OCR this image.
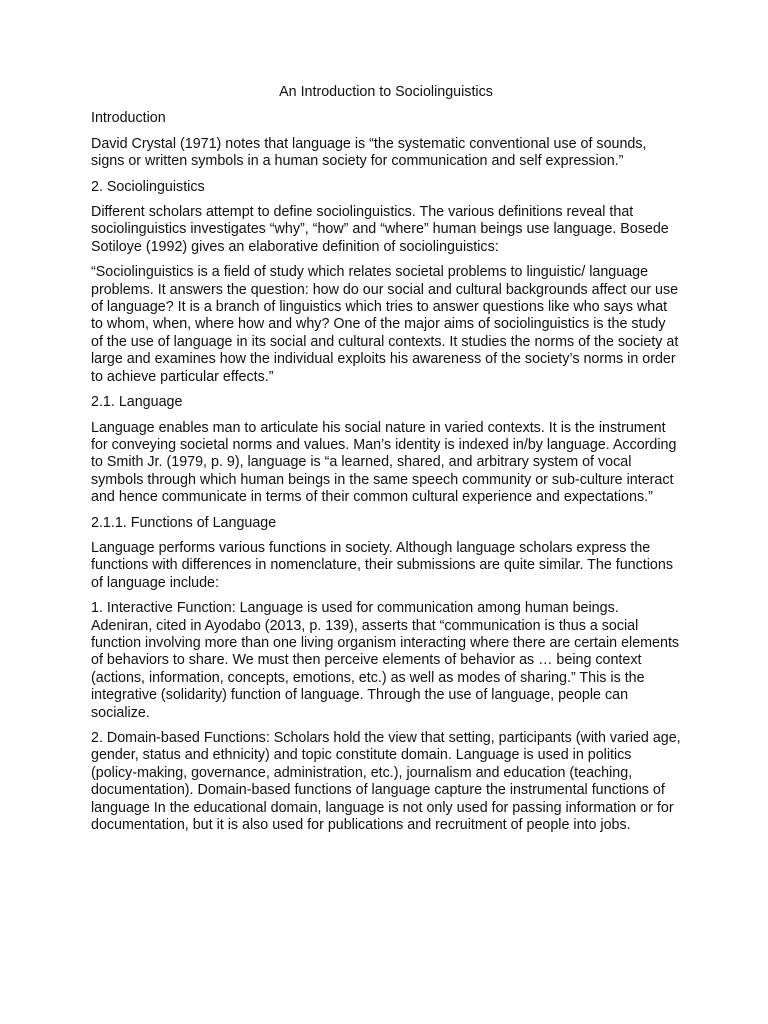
An Introduction to Sociolinguistics
Introduction
David Crystal (1971) notes that language is “the systematic conventional use of sounds, signs or written symbols in a human society for communication and self expression.”
2. Sociolinguistics
Different scholars attempt to define sociolinguistics. The various definitions reveal that sociolinguistics investigates “why”, “how” and “where” human beings use language. Bosede Sotiloye (1992) gives an elaborative definition of sociolinguistics:
“Sociolinguistics is a field of study which relates societal problems to linguistic/ language problems. It answers the question: how do our social and cultural backgrounds affect our use of language? It is a branch of linguistics which tries to answer questions like who says what to whom, when, where how and why? One of the major aims of sociolinguistics is the study of the use of language in its social and cultural contexts. It studies the norms of the society at large and examines how the individual exploits his awareness of the society’s norms in order to achieve particular effects.”
2.1. Language
Language enables man to articulate his social nature in varied contexts. It is the instrument for conveying societal norms and values. Man’s identity is indexed in/by language. According to Smith Jr. (1979, p. 9), language is “a learned, shared, and arbitrary system of vocal symbols through which human beings in the same speech community or sub-culture interact and hence communicate in terms of their common cultural experience and expectations.”
2.1.1. Functions of Language
Language performs various functions in society. Although language scholars express the functions with differences in nomenclature, their submissions are quite similar. The functions of language include:
1. Interactive Function: Language is used for communication among human beings. Adeniran, cited in Ayodabo (2013, p. 139), asserts that “communication is thus a social function involving more than one living organism interacting where there are certain elements of behaviors to share. We must then perceive elements of behavior as … being context (actions, information, concepts, emotions, etc.) as well as modes of sharing.” This is the integrative (solidarity) function of language. Through the use of language, people can socialize.
2. Domain-based Functions: Scholars hold the view that setting, participants (with varied age, gender, status and ethnicity) and topic constitute domain. Language is used in politics (policy-making, governance, administration, etc.), journalism and education (teaching, documentation). Domain-based functions of language capture the instrumental functions of language In the educational domain, language is not only used for passing information or for documentation, but it is also used for publications and recruitment of people into jobs.
